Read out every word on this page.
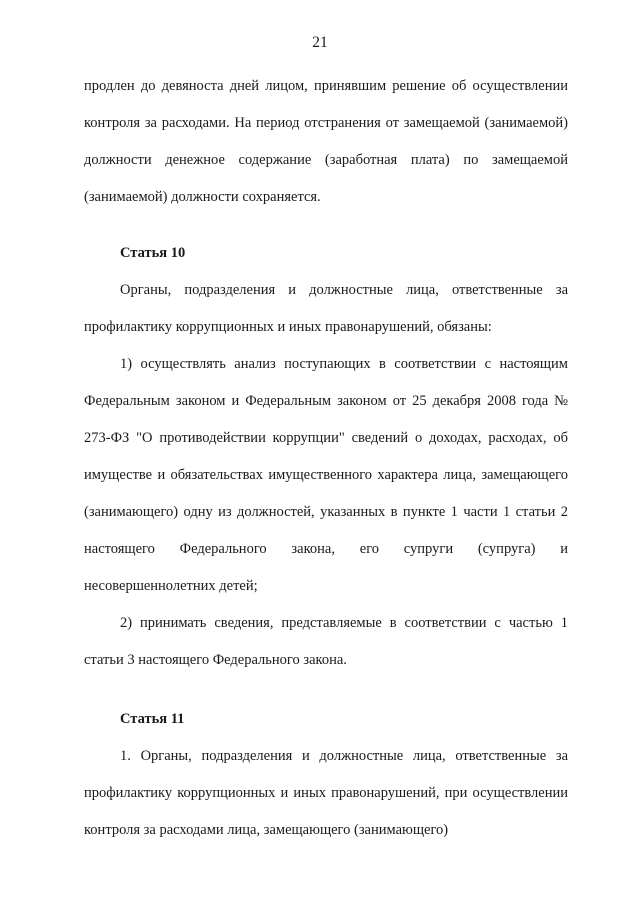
21

продлен до девяноста дней лицом, принявшим решение об осуществлении контроля за расходами. На период отстранения от замещаемой (занимаемой) должности денежное содержание (заработная плата) по замещаемой (занимаемой) должности сохраняется.

Статья 10

Органы, подразделения и должностные лица, ответственные за профилактику коррупционных и иных правонарушений, обязаны:

1) осуществлять анализ поступающих в соответствии с настоящим Федеральным законом и Федеральным законом от 25 декабря 2008 года № 273-ФЗ "О противодействии коррупции" сведений о доходах, расходах, об имуществе и обязательствах имущественного характера лица, замещающего (занимающего) одну из должностей, указанных в пункте 1 части 1 статьи 2 настоящего Федерального закона, его супруги (супруга) и несовершеннолетних детей;

2) принимать сведения, представляемые в соответствии с частью 1 статьи 3 настоящего Федерального закона.

Статья 11

1. Органы, подразделения и должностные лица, ответственные за профилактику коррупционных и иных правонарушений, при осуществлении контроля за расходами лица, замещающего (занимающего)
